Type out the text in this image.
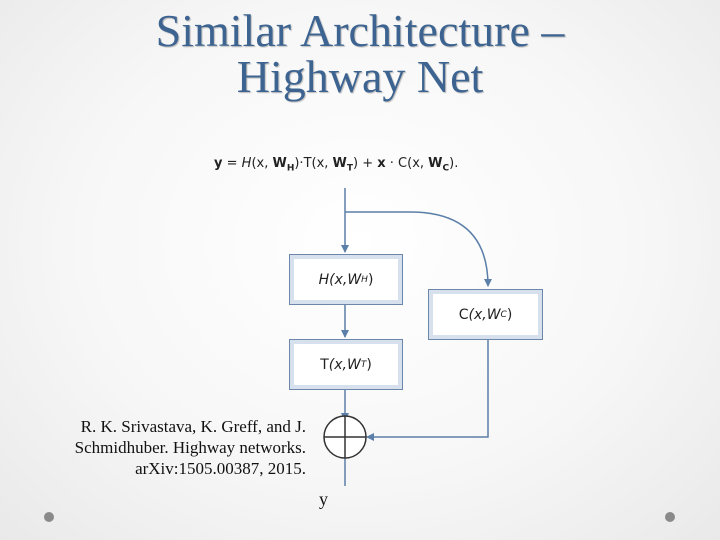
Similar Architecture –
Highway Net
y = H(x, $W_H)\cdot T(x$, $W_T) + x \cdot C(x$, $W_C$).
H (x, W H )
C (x, W C )
T (x, W T )
R. K. Srivastava, K. Greff, and J.
Schmidhuber. Highway networks.
arXiv:1505.00387, 2015.
y
